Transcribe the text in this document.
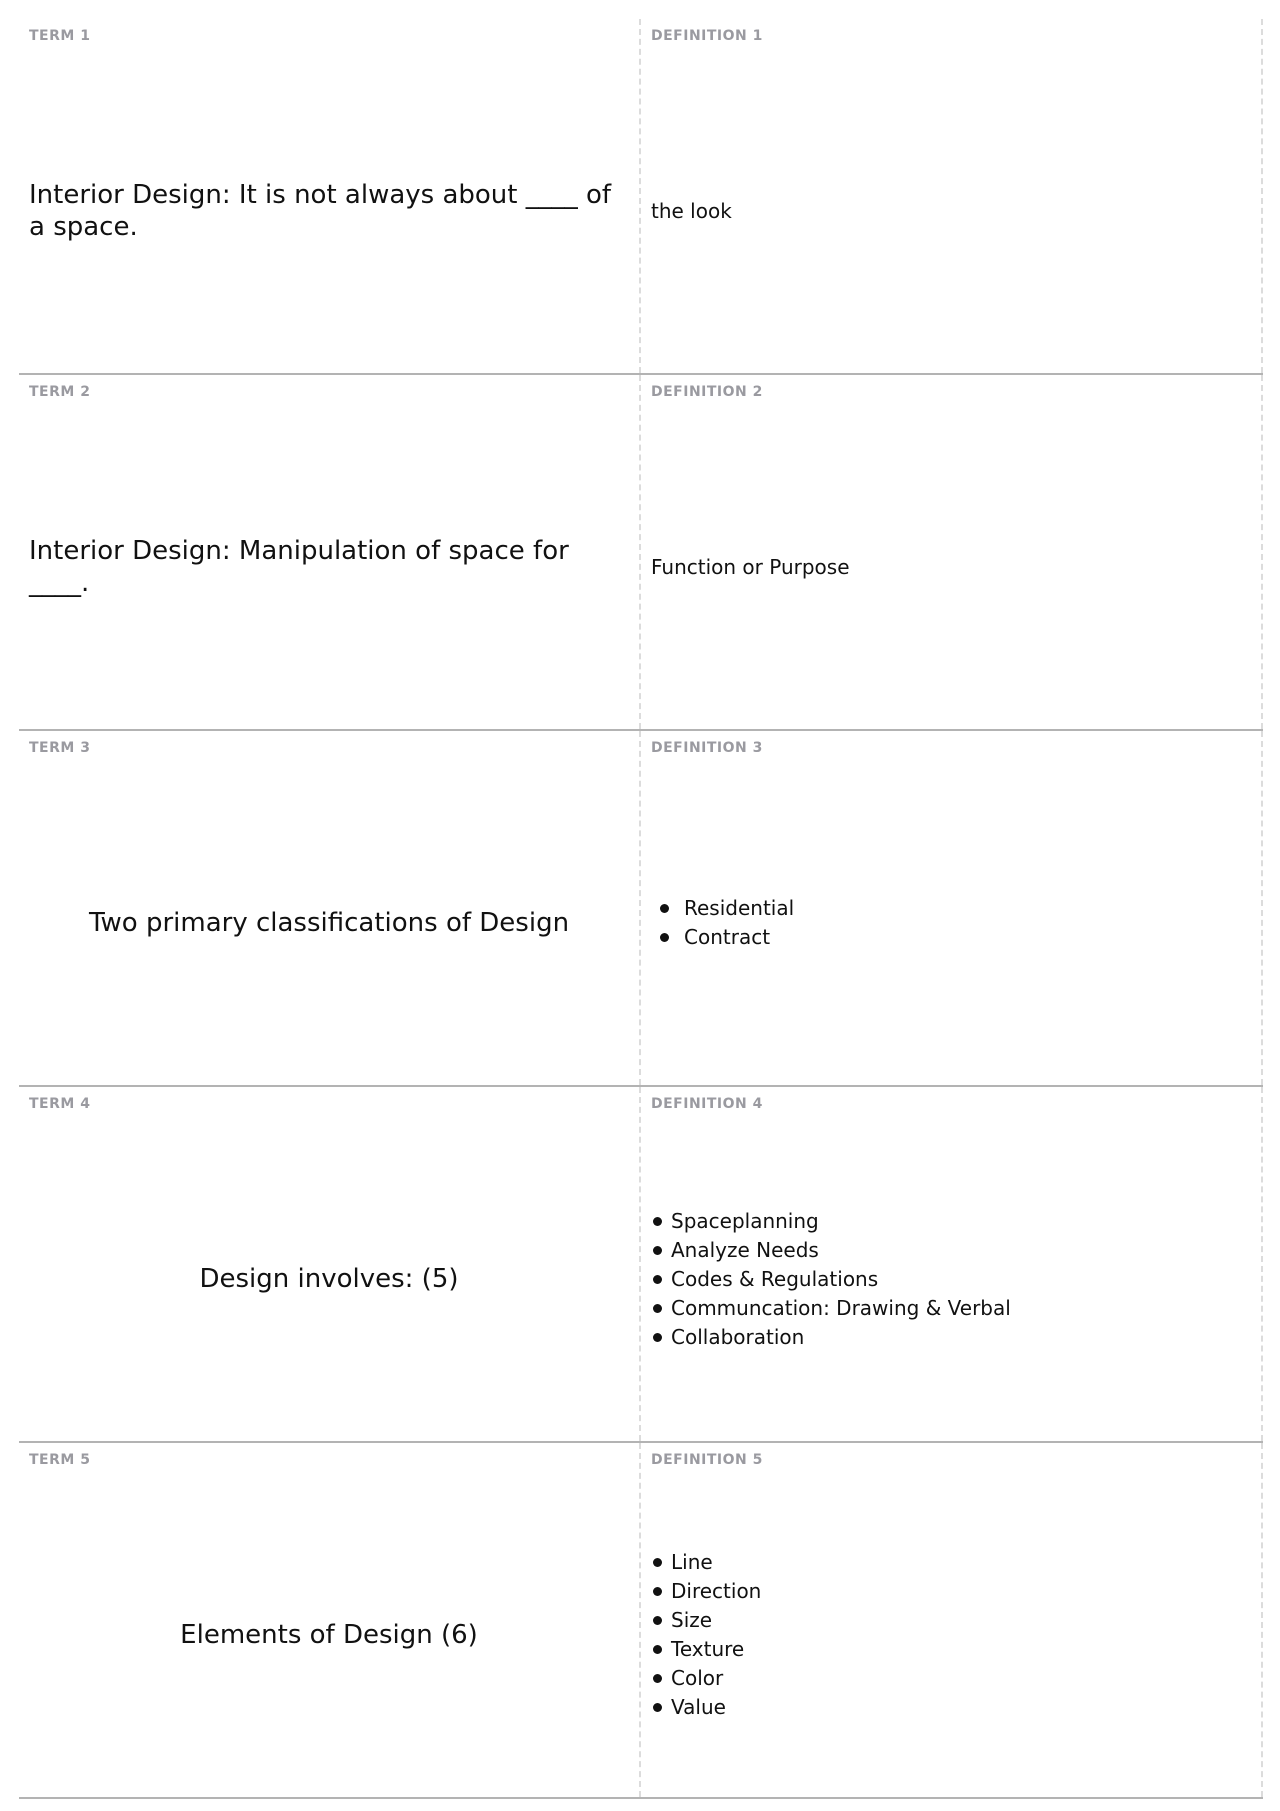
TERM 1
Interior Design: It is not always about ____ of a space.
DEFINITION 1
the look
TERM 2
Interior Design: Manipulation of space for ____.
DEFINITION 2
Function or Purpose
TERM 3
Two primary classifications of Design
DEFINITION 3
Residential
Contract
TERM 4
Design involves: (5)
DEFINITION 4
Spaceplanning
Analyze Needs
Codes & Regulations
Communcation: Drawing & Verbal
Collaboration
TERM 5
Elements of Design (6)
DEFINITION 5
Line
Direction
Size
Texture
Color
Value
